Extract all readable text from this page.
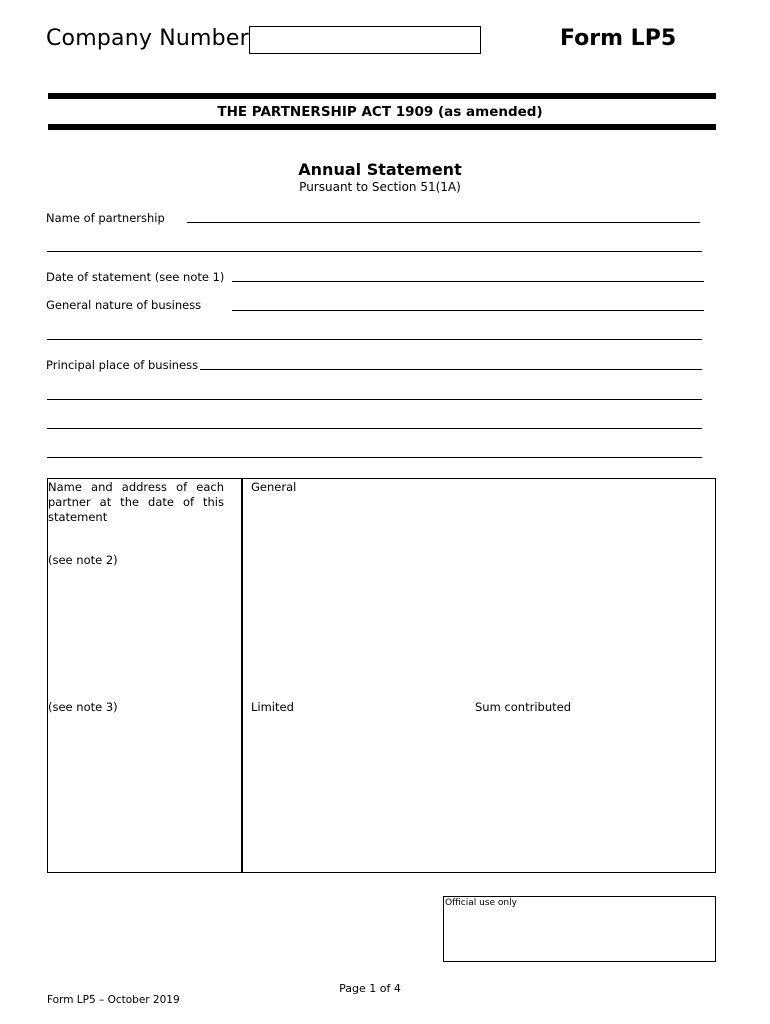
Company Number	Form LP5
THE PARTNERSHIP ACT 1909 (as amended)
Annual Statement
Pursuant to Section 51(1A)
Name of partnership
Date of statement (see note 1)
General nature of business
Principal place of business
Name and address of each partner at the date of this statement
(see note 2)
(see note 3)
General
Limited	Sum contributed
Official use only
Page 1 of 4
Form LP5 – October 2019
